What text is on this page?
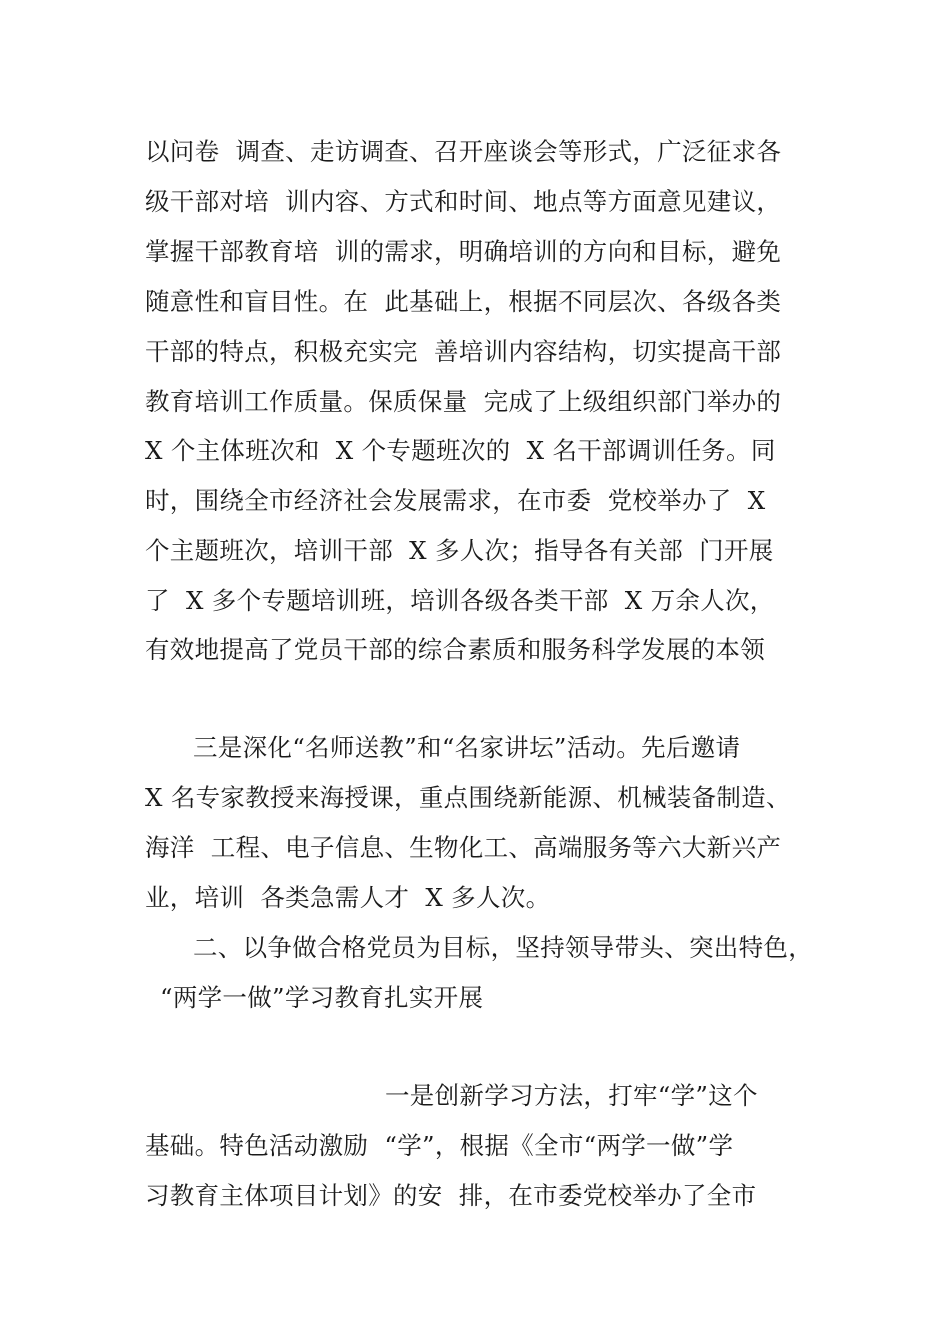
以问卷  调查、走访调查、召开座谈会等形式，广泛征求各
级干部对培  训内容、方式和时间、地点等方面意见建议，
掌握干部教育培  训的需求，明确培训的方向和目标，避免
随意性和盲目性。在  此基础上，根据不同层次、各级各类
干部的特点，积极充实完  善培训内容结构，切实提高干部
教育培训工作质量。保质保量  完成了上级组织部门举办的
X 个主体班次和  X 个专题班次的  X 名干部调训任务。同
时，围绕全市经济社会发展需求，在市委  党校举办了  X
个主题班次，培训干部  X 多人次；指导各有关部  门开展
了  X 多个专题培训班，培训各级各类干部  X 万余人次，
有效地提高了党员干部的综合素质和服务科学发展的本领
三是深化“名师送教”和“名家讲坛”活动。先后邀请
X 名专家教授来海授课，重点围绕新能源、机械装备制造、
海洋  工程、电子信息、生物化工、高端服务等六大新兴产
业，培训  各类急需人才  X 多人次。
二、以争做合格党员为目标，坚持领导带头、突出特色，
“两学一做”学习教育扎实开展
一是创新学习方法，打牢“学”这个
基础。特色活动激励  “学”，根据《全市“两学一做”学
习教育主体项目计划》的安  排，在市委党校举办了全市
